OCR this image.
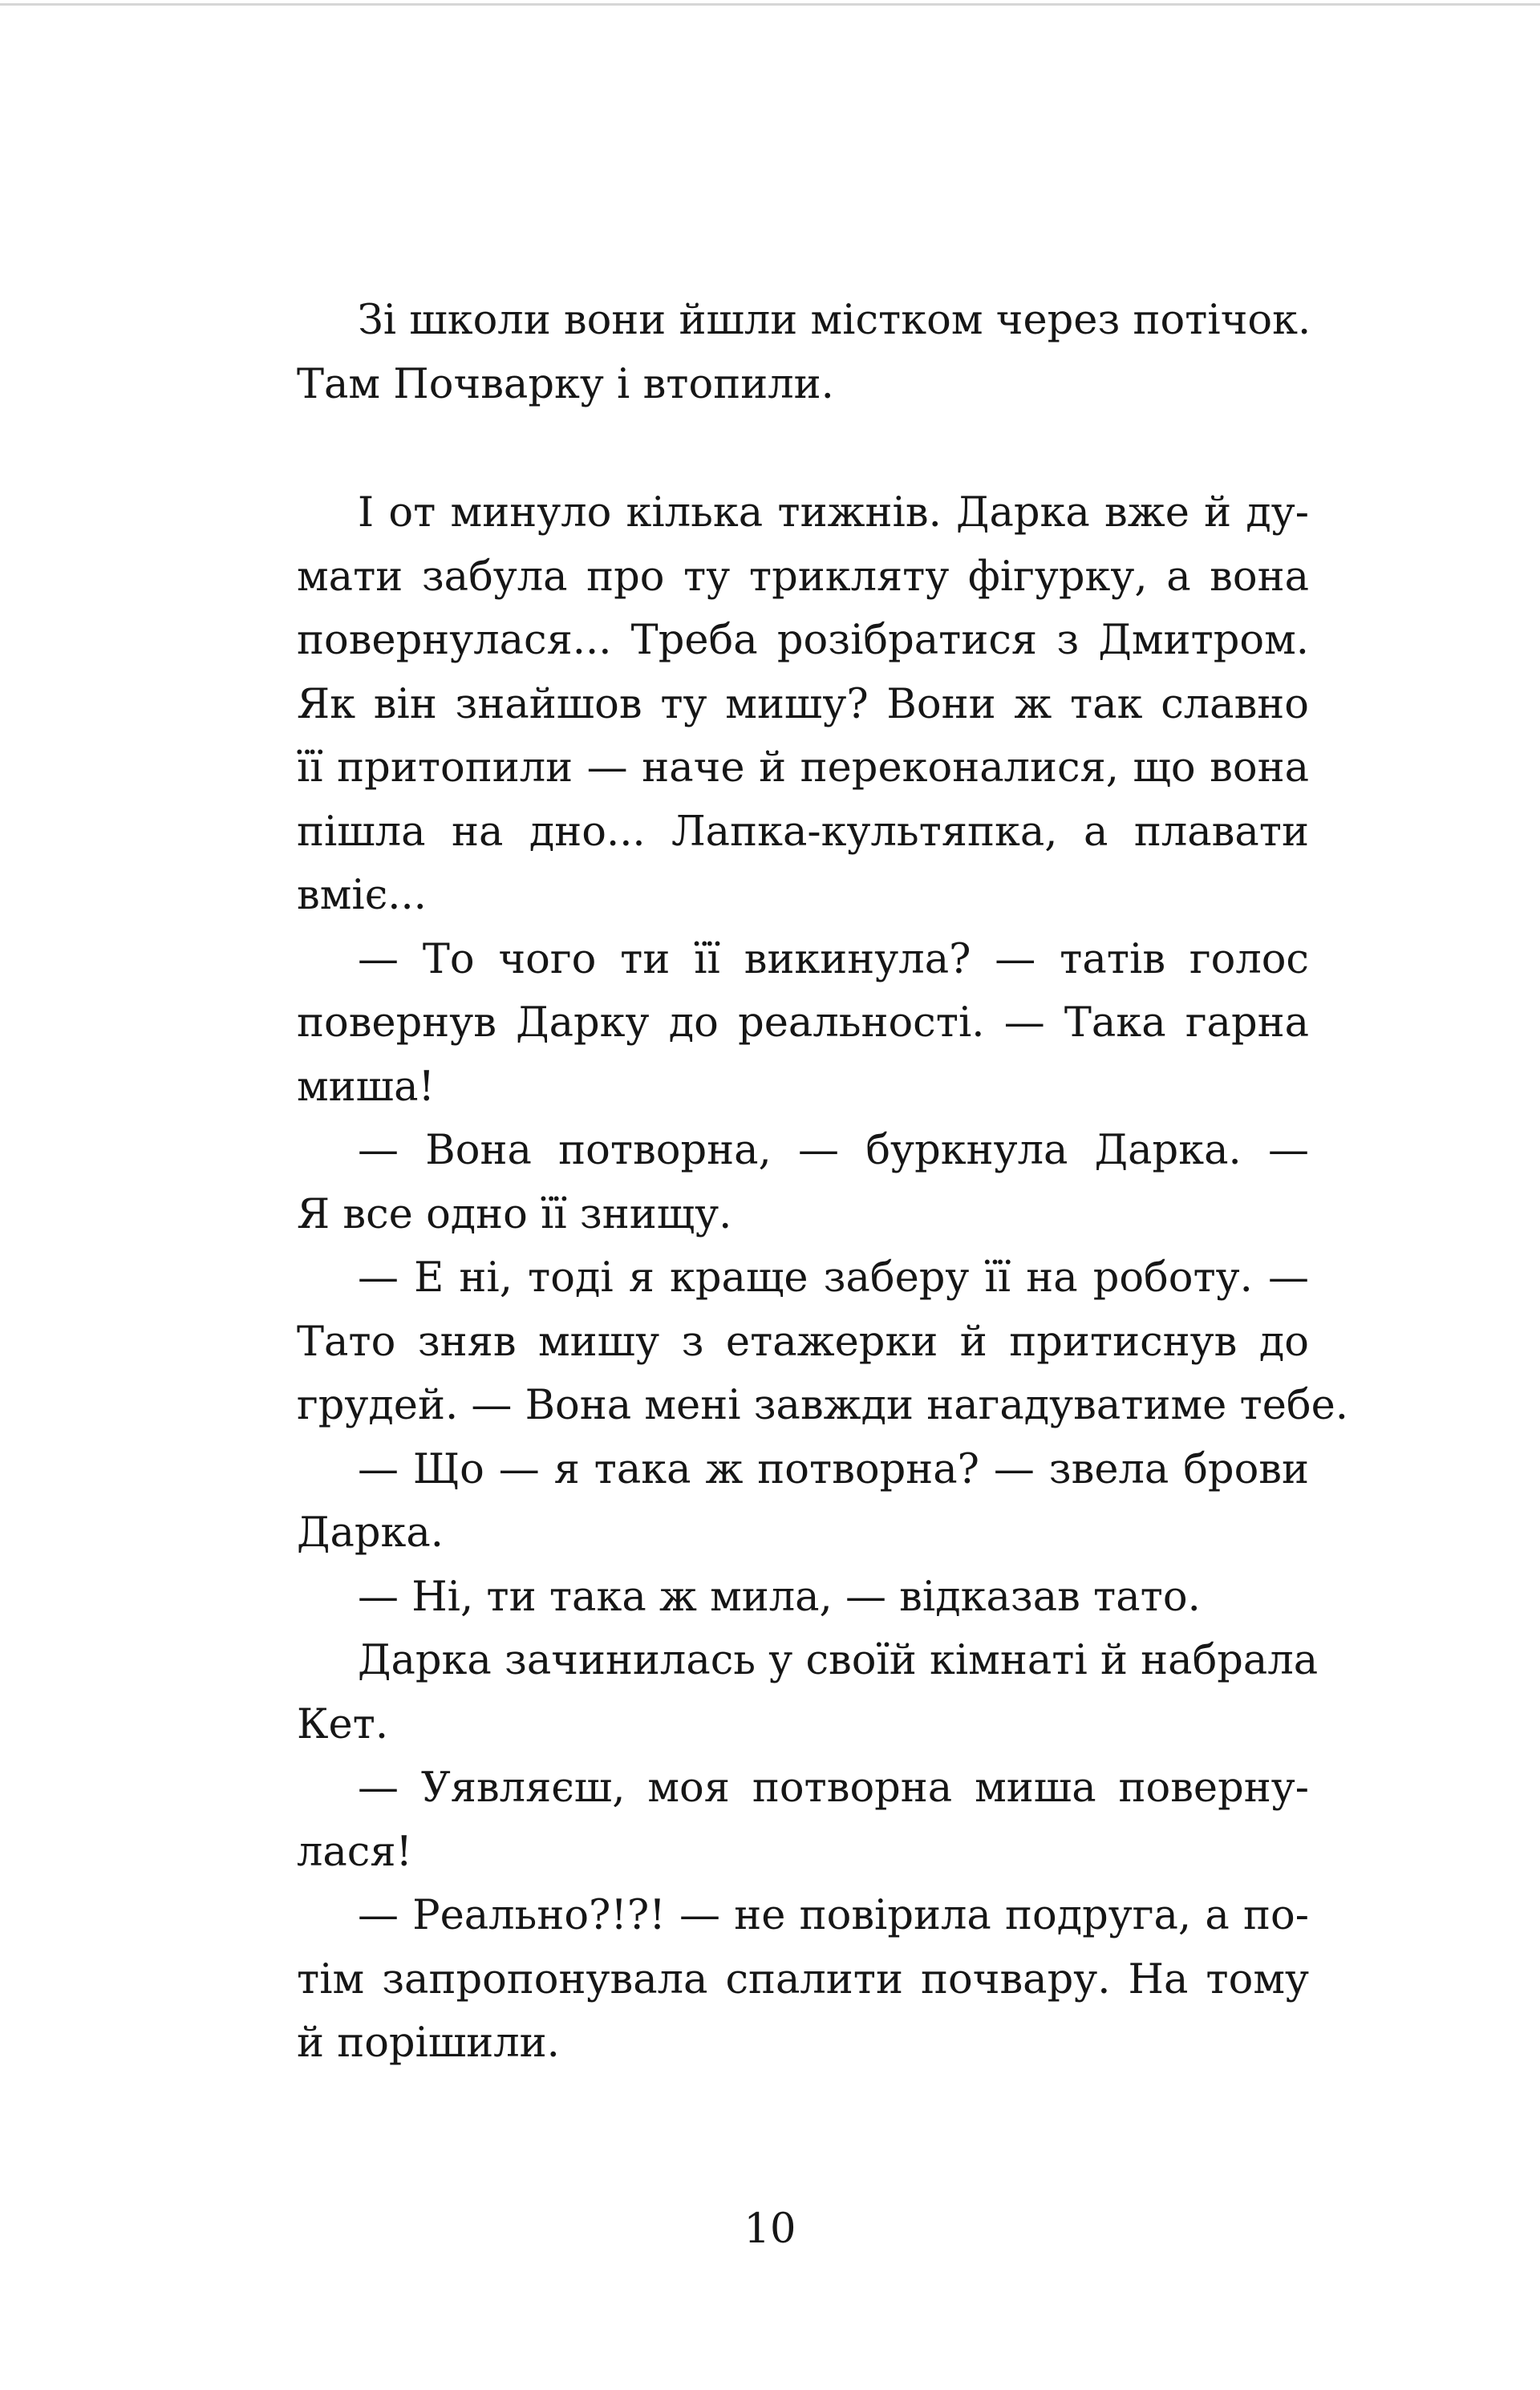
Зі школи вони йшли містком через потічок.
Там Почварку і втопили.
І от минуло кілька тижнів. Дарка вже й ду-
мати забула про ту трикляту фігурку, а вона
повернулася... Треба розібратися з Дмитром.
Як він знайшов ту мишу? Вони ж так славно
її притопили — наче й переконалися, що вона
пішла на дно... Лапка-культяпка, а плавати
вміє...
— То чого ти її викинула? — татів голос
повернув Дарку до реальності. — Така гарна
миша!
— Вона потворна, — буркнула Дарка. —
Я все одно її знищу.
— Е ні, тоді я краще заберу її на роботу. —
Тато зняв мишу з етажерки й притиснув до
грудей. — Вона мені завжди нагадуватиме тебе.
— Що — я така ж потворна? — звела брови
Дарка.
— Ні, ти така ж мила, — відказав тато.
Дарка зачинилась у своїй кімнаті й набрала
Кет.
— Уявляєш, моя потворна миша поверну-
лася!
— Реально?!?! — не повірила подруга, а по-
тім запропонувала спалити почвару. На тому
й порішили.
10
